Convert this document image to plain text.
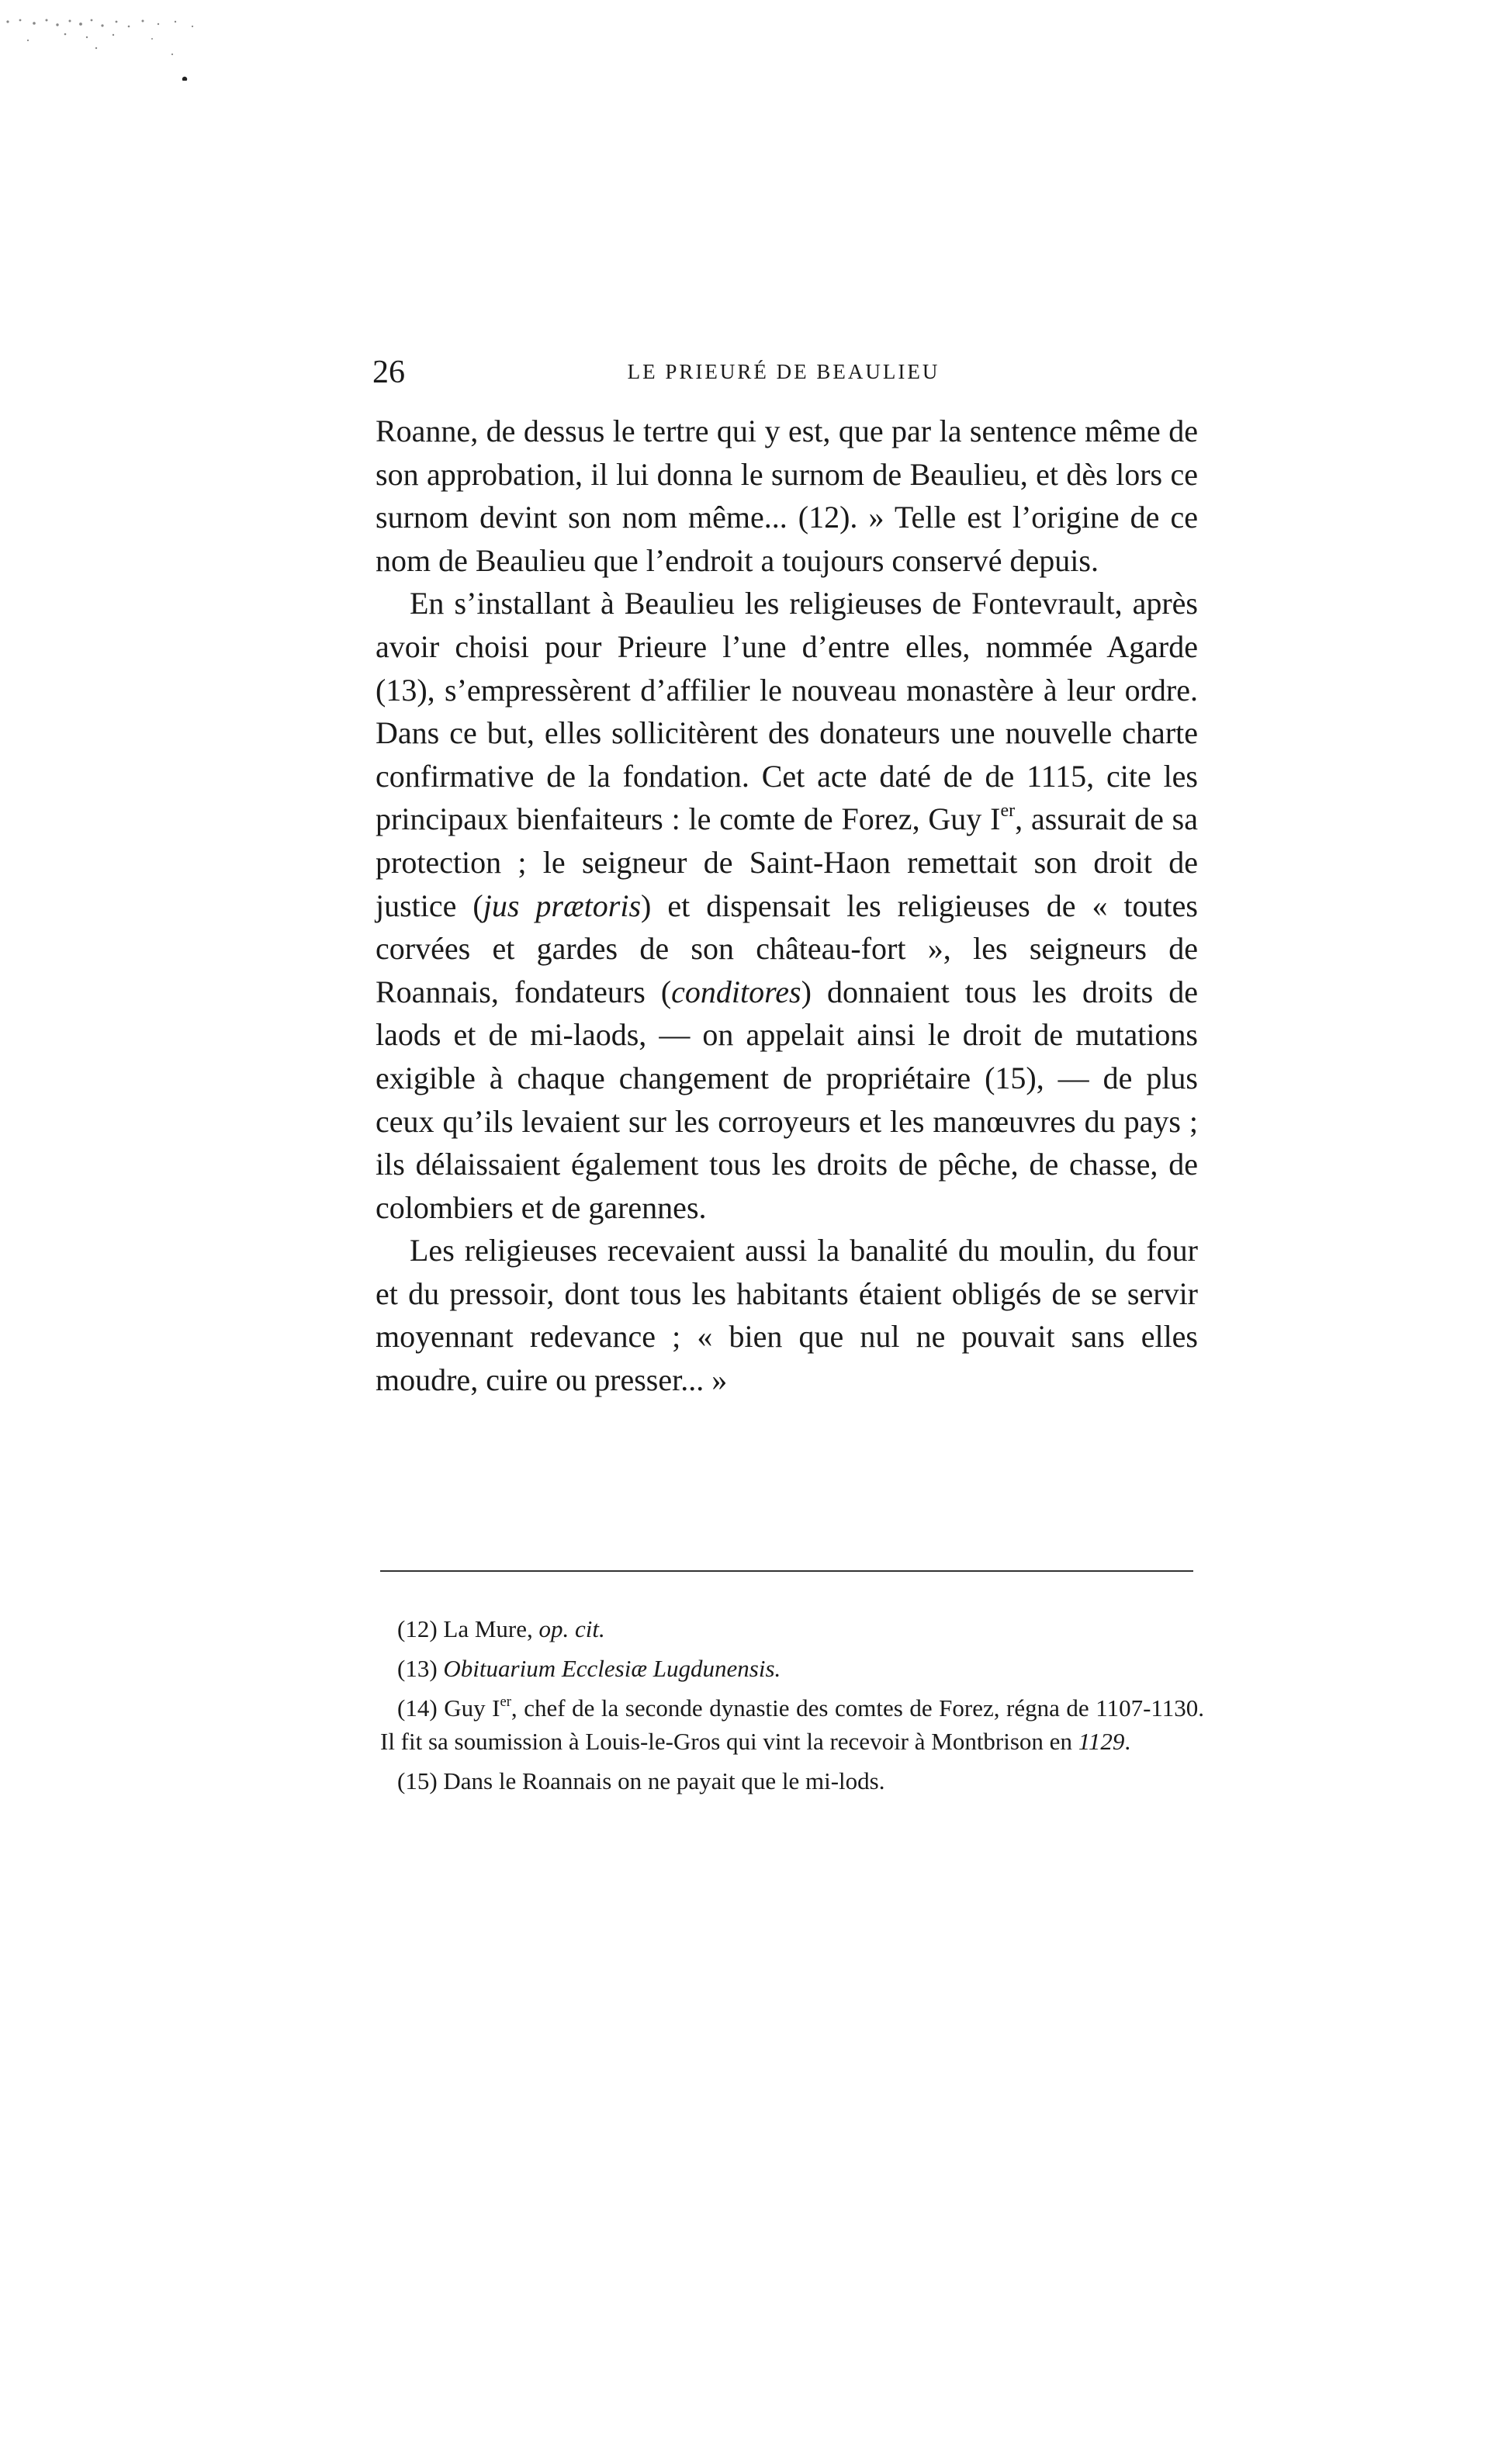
26	LE PRIEURÉ DE BEAULIEU

Roanne, de dessus le tertre qui y est, que par la sentence même de son approbation, il lui donna le surnom de Beaulieu, et dès lors ce surnom devint son nom même... (12). » Telle est l’origine de ce nom de Beaulieu que l’endroit a toujours conservé depuis.

En s’installant à Beaulieu les religieuses de Fontevrault, après avoir choisi pour Prieure l’une d’entre elles, nommée Agarde (13), s’empressèrent d’affilier le nouveau monastère à leur ordre. Dans ce but, elles sollicitèrent des donateurs une nouvelle charte confirmative de la fondation. Cet acte daté de de 1115, cite les principaux bienfaiteurs : le comte de Forez, Guy Ier, assurait de sa protection ; le seigneur de Saint-Haon remettait son droit de justice (jus prætoris) et dispensait les religieuses de « toutes corvées et gardes de son château-fort », les seigneurs de Roannais, fondateurs (conditores) donnaient tous les droits de laods et de mi-laods, — on appelait ainsi le droit de mutations exigible à chaque changement de propriétaire (15), — de plus ceux qu’ils levaient sur les corroyeurs et les manœuvres du pays ; ils délaissaient également tous les droits de pêche, de chasse, de colombiers et de garennes.

Les religieuses recevaient aussi la banalité du moulin, du four et du pressoir, dont tous les habitants étaient obligés de se servir moyennant redevance ; « bien que nul ne pouvait sans elles moudre, cuire ou presser... »

(12) La Mure, op. cit.
(13) Obituarium Ecclesiæ Lugdunensis.
(14) Guy Ier, chef de la seconde dynastie des comtes de Forez, régna de 1107-1130. Il fit sa soumission à Louis-le-Gros qui vint la recevoir à Montbrison en 1129.
(15) Dans le Roannais on ne payait que le mi-lods.
